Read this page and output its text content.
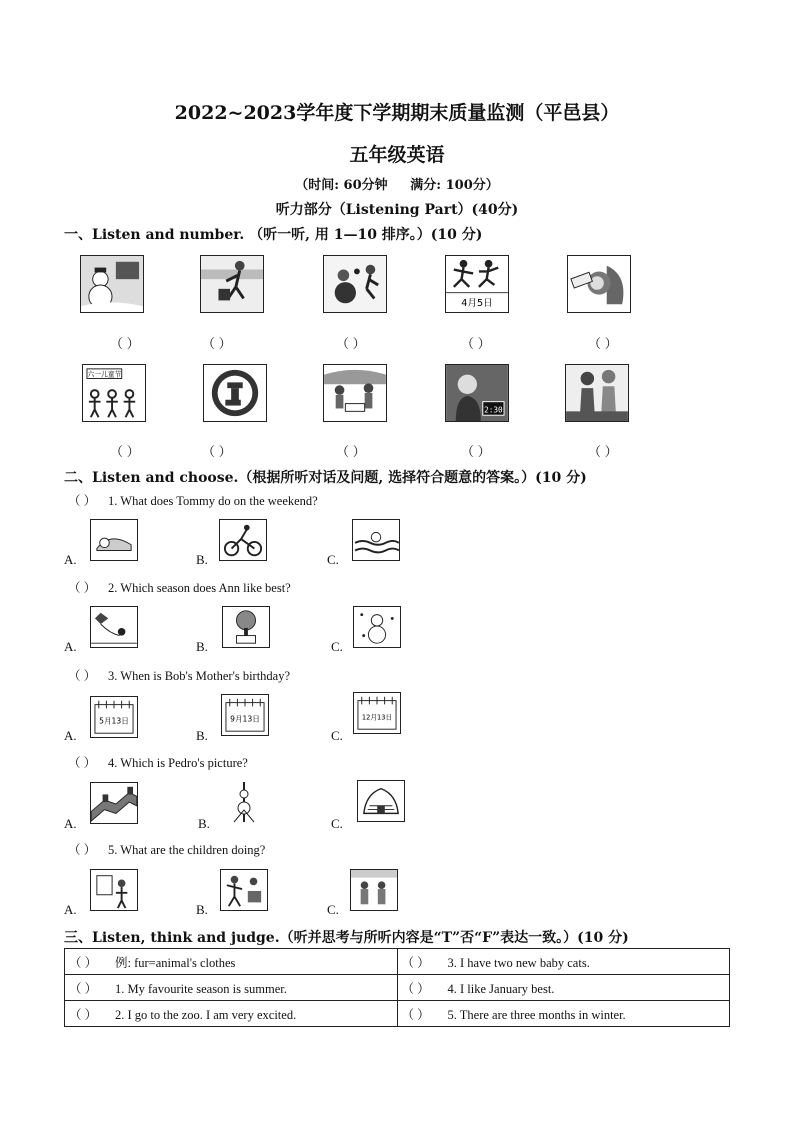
2022~2023学年度下学期期末质量监测（平邑县）
五年级英语
（时间: 60分钟     满分: 100分）
听力部分（Listening Part）(40分)
一、Listen and number. （听一听, 用 1—10 排序。）(10 分)
4月5日
（ ）	（ ）	（ ）	（ ）	（ ）
六一儿童节
2:30
（ ）	（ ）	（ ）	（ ）	（ ）
二、Listen and choose.（根据所听对话及问题, 选择符合题意的答案。）(10 分)
（ ） 1. What does Tommy do on the weekend?
A.	B.	C.
（ ） 2. Which season does Ann like best?
A.	B.	C.
（ ） 3. When is Bob's Mother's birthday?
A.
5月13日
B.
9月13日
C.
12月13日
（ ） 4. Which is Pedro's picture?
A.	B.	C.
（ ） 5. What are the children doing?
A.	B.	C.
三、Listen, think and judge.（听并思考与所听内容是“T”否“F”表达一致。）(10 分)
（ ） 例: fur=animal's clothes	（ ） 3. I have two new baby cats.
（ ） 1. My favourite season is summer.	（ ） 4. I like January best.
（ ） 2. I go to the zoo. I am very excited.	（ ） 5. There are three months in winter.
